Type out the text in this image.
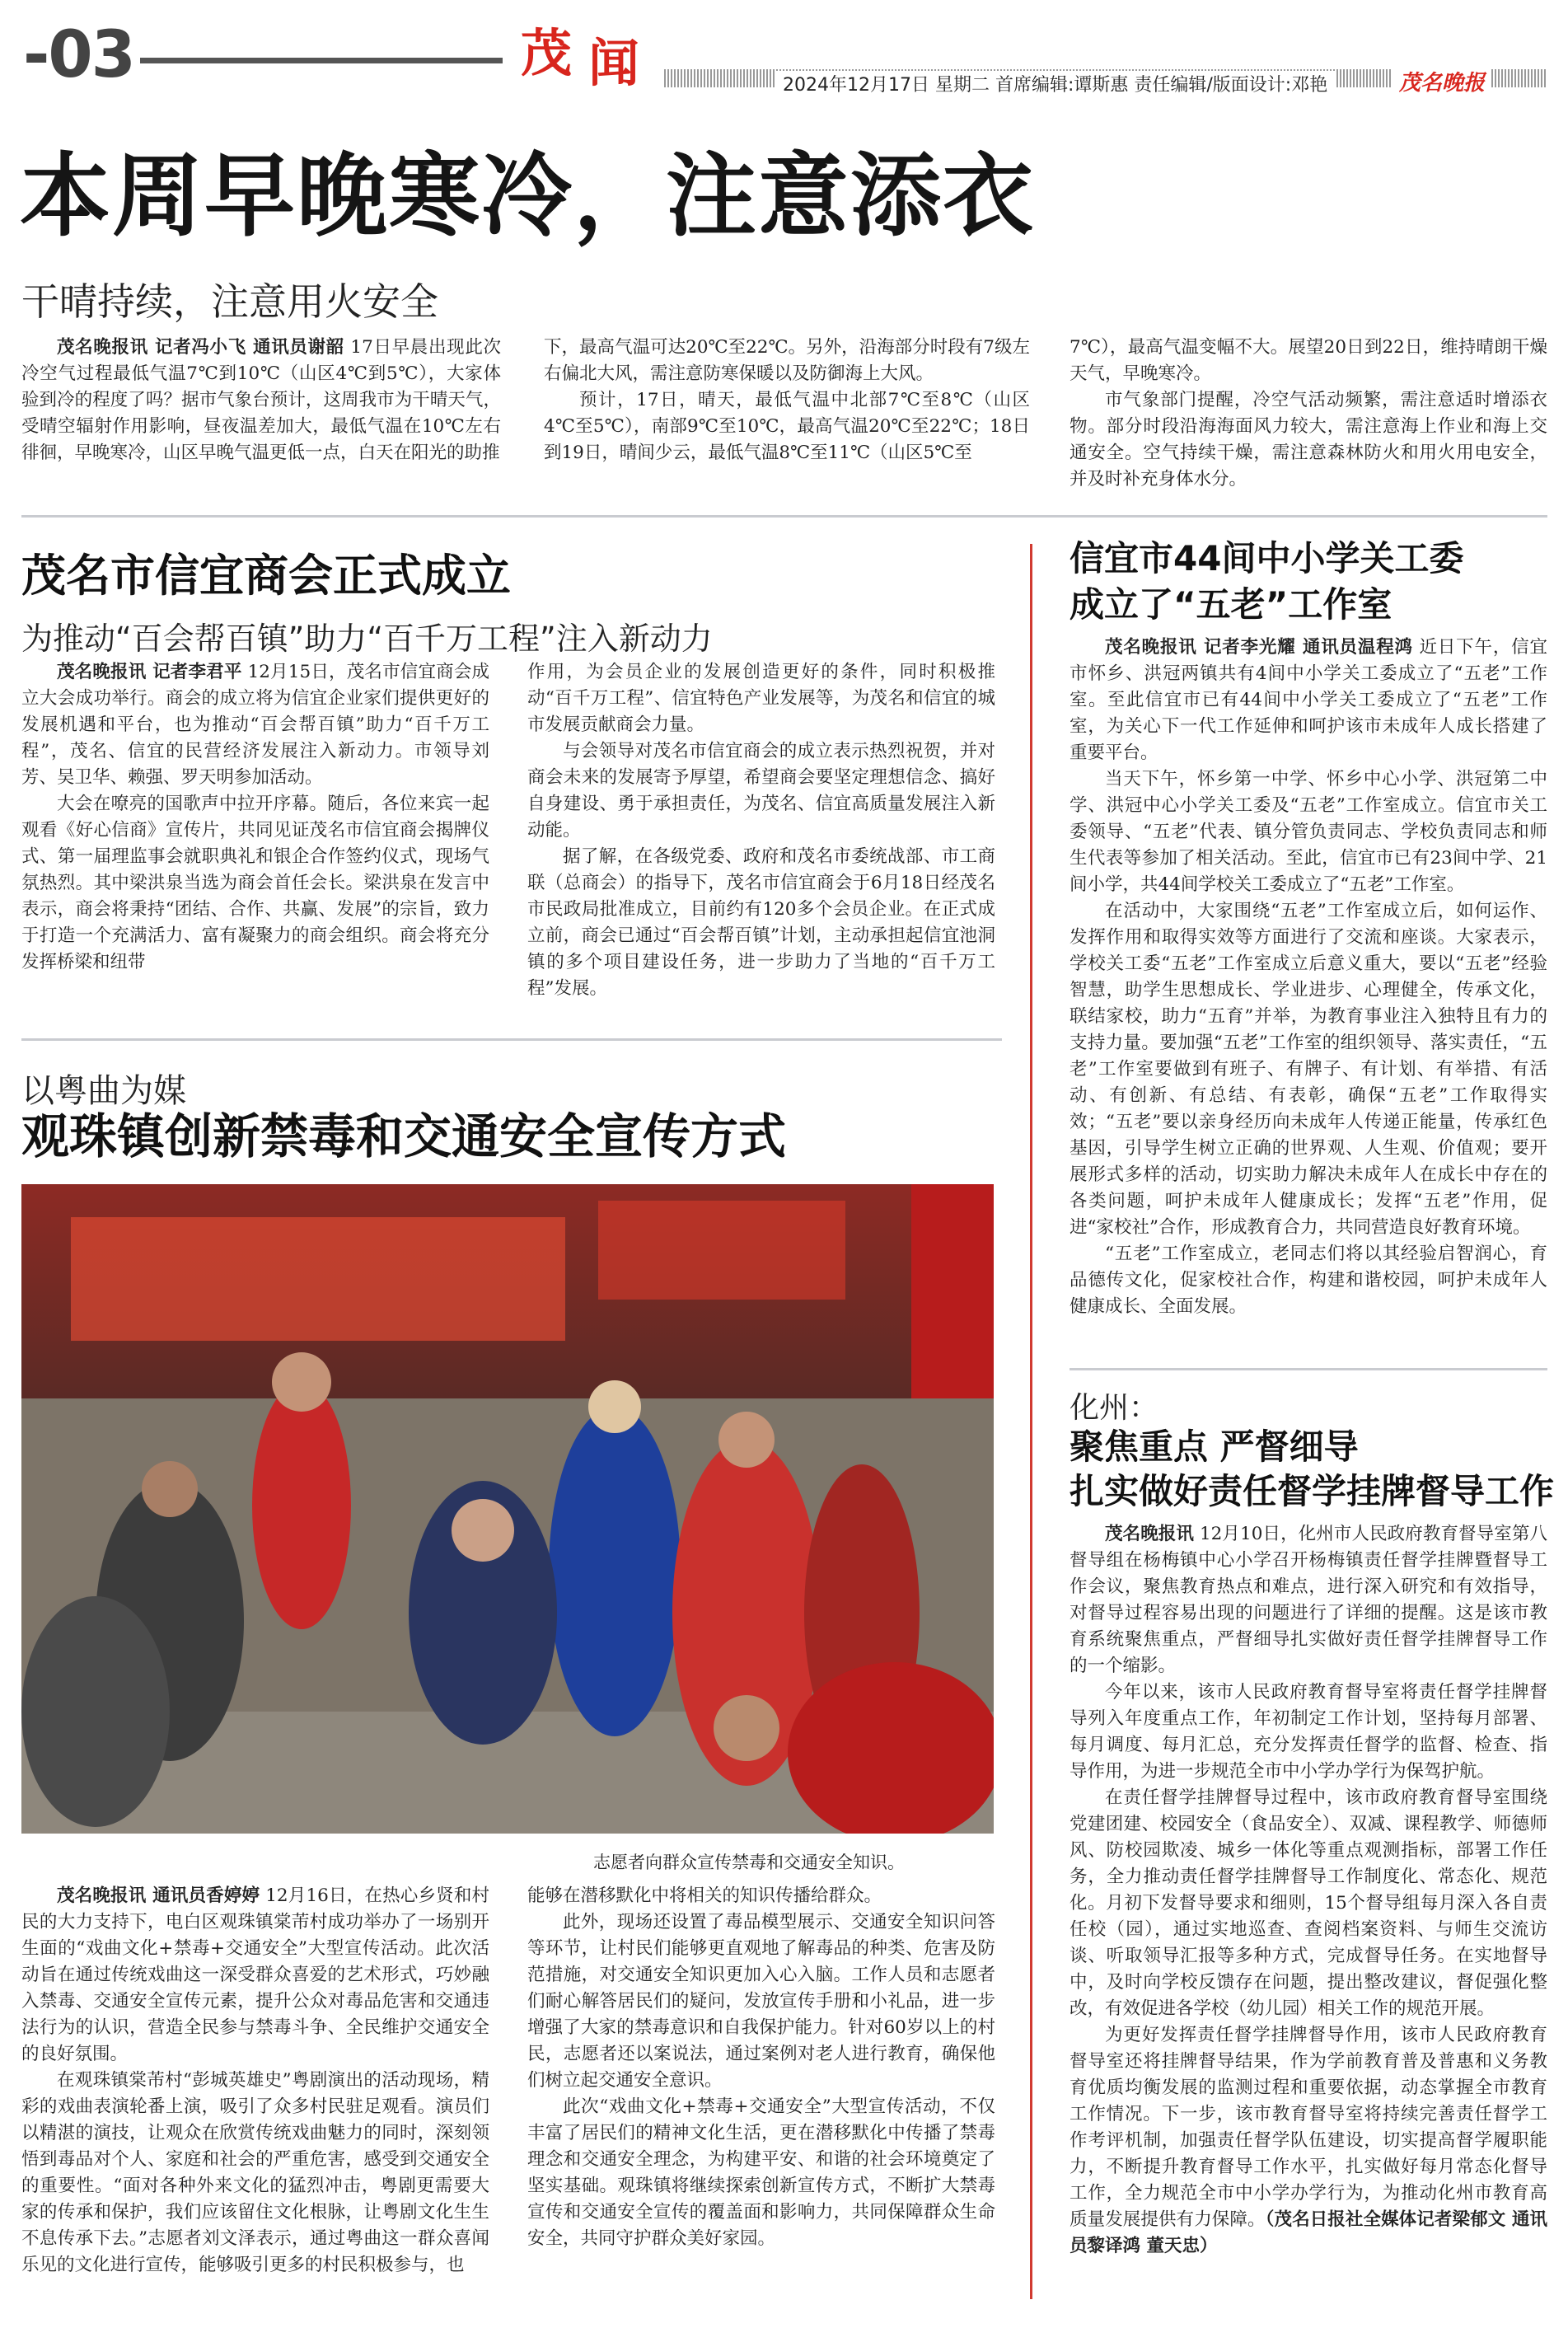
-03	茂 闻	2024年12月17日 星期二 首席编辑:谭斯惠 责任编辑/版面设计:邓艳	茂名晚报
本周早晚寒冷，注意添衣
干晴持续，注意用火安全

茂名晚报讯 记者冯小飞 通讯员谢韶 17日早晨出现此次冷空气过程最低气温7℃到10℃（山区4℃到5℃），大家体验到冷的程度了吗？据市气象台预计，这周我市为干晴天气，受晴空辐射作用影响，昼夜温差加大，最低气温在10℃左右徘徊，早晚寒冷，山区早晚气温更低一点，白天在阳光的助推

下，最高气温可达20℃至22℃。另外，沿海部分时段有7级左右偏北大风，需注意防寒保暖以及防御海上大风。

预计，17日，晴天，最低气温中北部7℃至8℃（山区4℃至5℃），南部9℃至10℃，最高气温20℃至22℃；18日到19日，晴间少云，最低气温8℃至11℃（山区5℃至

7℃），最高气温变幅不大。展望20日到22日，维持晴朗干燥天气，早晚寒冷。

市气象部门提醒，冷空气活动频繁，需注意适时增添衣物。部分时段沿海海面风力较大，需注意海上作业和海上交通安全。空气持续干燥，需注意森林防火和用火用电安全，并及时补充身体水分。

茂名市信宜商会正式成立
为推动“百会帮百镇”助力“百千万工程”注入新动力

茂名晚报讯 记者李君平 12月15日，茂名市信宜商会成立大会成功举行。商会的成立将为信宜企业家们提供更好的发展机遇和平台，也为推动“百会帮百镇”助力“百千万工程”，茂名、信宜的民营经济发展注入新动力。市领导刘芳、吴卫华、赖强、罗天明参加活动。

大会在嘹亮的国歌声中拉开序幕。随后，各位来宾一起观看《好心信商》宣传片，共同见证茂名市信宜商会揭牌仪式、第一届理监事会就职典礼和银企合作签约仪式，现场气氛热烈。其中梁洪泉当选为商会首任会长。梁洪泉在发言中表示，商会将秉持“团结、合作、共赢、发展”的宗旨，致力于打造一个充满活力、富有凝聚力的商会组织。商会将充分发挥桥梁和纽带

作用，为会员企业的发展创造更好的条件，同时积极推动“百千万工程”、信宜特色产业发展等，为茂名和信宜的城市发展贡献商会力量。

与会领导对茂名市信宜商会的成立表示热烈祝贺，并对商会未来的发展寄予厚望，希望商会要坚定理想信念、搞好自身建设、勇于承担责任，为茂名、信宜高质量发展注入新动能。

据了解，在各级党委、政府和茂名市委统战部、市工商联（总商会）的指导下，茂名市信宜商会于6月18日经茂名市民政局批准成立，目前约有120多个会员企业。在正式成立前，商会已通过“百会帮百镇”计划，主动承担起信宜池洞镇的多个项目建设任务，进一步助力了当地的“百千万工程”发展。

以粤曲为媒
观珠镇创新禁毒和交通安全宣传方式
志愿者向群众宣传禁毒和交通安全知识。

茂名晚报讯 通讯员香婷婷 12月16日，在热心乡贤和村民的大力支持下，电白区观珠镇棠芾村成功举办了一场别开生面的“戏曲文化+禁毒+交通安全”大型宣传活动。此次活动旨在通过传统戏曲这一深受群众喜爱的艺术形式，巧妙融入禁毒、交通安全宣传元素，提升公众对毒品危害和交通违法行为的认识，营造全民参与禁毒斗争、全民维护交通安全的良好氛围。

在观珠镇棠芾村“彭城英雄史”粤剧演出的活动现场，精彩的戏曲表演轮番上演，吸引了众多村民驻足观看。演员们以精湛的演技，让观众在欣赏传统戏曲魅力的同时，深刻领悟到毒品对个人、家庭和社会的严重危害，感受到交通安全的重要性。“面对各种外来文化的猛烈冲击，粤剧更需要大家的传承和保护，我们应该留住文化根脉，让粤剧文化生生不息传承下去。”志愿者刘文泽表示，通过粤曲这一群众喜闻乐见的文化进行宣传，能够吸引更多的村民积极参与，也

能够在潜移默化中将相关的知识传播给群众。

此外，现场还设置了毒品模型展示、交通安全知识问答等环节，让村民们能够更直观地了解毒品的种类、危害及防范措施，对交通安全知识更加入心入脑。工作人员和志愿者们耐心解答居民们的疑问，发放宣传手册和小礼品，进一步增强了大家的禁毒意识和自我保护能力。针对60岁以上的村民，志愿者还以案说法，通过案例对老人进行教育，确保他们树立起交通安全意识。

此次“戏曲文化+禁毒+交通安全”大型宣传活动，不仅丰富了居民们的精神文化生活，更在潜移默化中传播了禁毒理念和交通安全理念，为构建平安、和谐的社会环境奠定了坚实基础。观珠镇将继续探索创新宣传方式，不断扩大禁毒宣传和交通安全宣传的覆盖面和影响力，共同保障群众生命安全，共同守护群众美好家园。

信宜市44间中小学关工委
成立了“五老”工作室

茂名晚报讯 记者李光耀 通讯员温程鸿 近日下午，信宜市怀乡、洪冠两镇共有4间中小学关工委成立了“五老”工作室。至此信宜市已有44间中小学关工委成立了“五老”工作室，为关心下一代工作延伸和呵护该市未成年人成长搭建了重要平台。

当天下午，怀乡第一中学、怀乡中心小学、洪冠第二中学、洪冠中心小学关工委及“五老”工作室成立。信宜市关工委领导、“五老”代表、镇分管负责同志、学校负责同志和师生代表等参加了相关活动。至此，信宜市已有23间中学、21间小学，共44间学校关工委成立了“五老”工作室。

在活动中，大家围绕“五老”工作室成立后，如何运作、发挥作用和取得实效等方面进行了交流和座谈。大家表示，学校关工委“五老”工作室成立后意义重大，要以“五老”经验智慧，助学生思想成长、学业进步、心理健全，传承文化，联结家校，助力“五育”并举，为教育事业注入独特且有力的支持力量。要加强“五老”工作室的组织领导、落实责任，“五老”工作室要做到有班子、有牌子、有计划、有举措、有活动、有创新、有总结、有表彰，确保“五老”工作取得实效；“五老”要以亲身经历向未成年人传递正能量，传承红色基因，引导学生树立正确的世界观、人生观、价值观；要开展形式多样的活动，切实助力解决未成年人在成长中存在的各类问题，呵护未成年人健康成长；发挥“五老”作用，促进“家校社”合作，形成教育合力，共同营造良好教育环境。

“五老”工作室成立，老同志们将以其经验启智润心，育品德传文化，促家校社合作，构建和谐校园，呵护未成年人健康成长、全面发展。

化州：
聚焦重点 严督细导
扎实做好责任督学挂牌督导工作

茂名晚报讯 12月10日，化州市人民政府教育督导室第八督导组在杨梅镇中心小学召开杨梅镇责任督学挂牌暨督导工作会议，聚焦教育热点和难点，进行深入研究和有效指导，对督导过程容易出现的问题进行了详细的提醒。这是该市教育系统聚焦重点，严督细导扎实做好责任督学挂牌督导工作的一个缩影。

今年以来，该市人民政府教育督导室将责任督学挂牌督导列入年度重点工作，年初制定工作计划，坚持每月部署、每月调度、每月汇总，充分发挥责任督学的监督、检查、指导作用，为进一步规范全市中小学办学行为保驾护航。

在责任督学挂牌督导过程中，该市政府教育督导室围绕党建团建、校园安全（食品安全）、双减、课程教学、师德师风、防校园欺凌、城乡一体化等重点观测指标，部署工作任务，全力推动责任督学挂牌督导工作制度化、常态化、规范化。月初下发督导要求和细则，15个督导组每月深入各自责任校（园），通过实地巡查、查阅档案资料、与师生交流访谈、听取领导汇报等多种方式，完成督导任务。在实地督导中，及时向学校反馈存在问题，提出整改建议，督促强化整改，有效促进各学校（幼儿园）相关工作的规范开展。

为更好发挥责任督学挂牌督导作用，该市人民政府教育督导室还将挂牌督导结果，作为学前教育普及普惠和义务教育优质均衡发展的监测过程和重要依据，动态掌握全市教育工作情况。下一步，该市教育督导室将持续完善责任督学工作考评机制，加强责任督学队伍建设，切实提高督学履职能力，不断提升教育督导工作水平，扎实做好每月常态化督导工作，全力规范全市中小学办学行为，为推动化州市教育高质量发展提供有力保障。（茂名日报社全媒体记者梁郁文 通讯员黎译鸿 董天忠）
